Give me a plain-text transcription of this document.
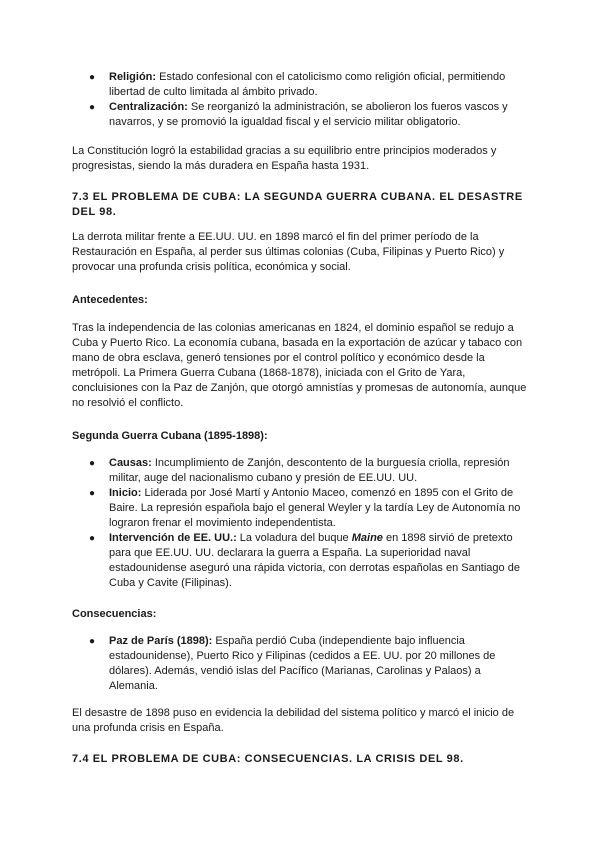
● Religión: Estado confesional con el catolicismo como religión oficial, permitiendo libertad de culto limitada al ámbito privado.
● Centralización: Se reorganizó la administración, se abolieron los fueros vascos y navarros, y se promovió la igualdad fiscal y el servicio militar obligatorio.

La Constitución logró la estabilidad gracias a su equilibrio entre principios moderados y progresistas, siendo la más duradera en España hasta 1931.

7.3 EL PROBLEMA DE CUBA: LA SEGUNDA GUERRA CUBANA. EL DESASTRE DEL 98.

La derrota militar frente a EE.UU. UU. en 1898 marcó el fin del primer período de la Restauración en España, al perder sus últimas colonias (Cuba, Filipinas y Puerto Rico) y provocar una profunda crisis política, económica y social.

Antecedentes:

Tras la independencia de las colonias americanas en 1824, el dominio español se redujo a Cuba y Puerto Rico. La economía cubana, basada en la exportación de azúcar y tabaco con mano de obra esclava, generó tensiones por el control político y económico desde la metrópoli. La Primera Guerra Cubana (1868-1878), iniciada con el Grito de Yara, concluisiones con la Paz de Zanjón, que otorgó amnistías y promesas de autonomía, aunque no resolvió el conflicto.

Segunda Guerra Cubana (1895-1898):
● Causas: Incumplimiento de Zanjón, descontento de la burguesía criolla, represión militar, auge del nacionalismo cubano y presión de EE.UU. UU.
● Inicio: Liderada por José Martí y Antonio Maceo, comenzó en 1895 con el Grito de Baire. La represión española bajo el general Weyler y la tardía Ley de Autonomía no lograron frenar el movimiento independentista.
● Intervención de EE. UU.: La voladura del buque Maine en 1898 sirvió de pretexto para que EE.UU. UU. declarara la guerra a España. La superioridad naval estadounidense aseguró una rápida victoria, con derrotas españolas en Santiago de Cuba y Cavite (Filipinas).
Consecuencias:
● Paz de París (1898): España perdió Cuba (independiente bajo influencia estadounidense), Puerto Rico y Filipinas (cedidos a EE. UU. por 20 millones de dólares). Además, vendió islas del Pacífico (Marianas, Carolinas y Palaos) a Alemania.

El desastre de 1898 puso en evidencia la debilidad del sistema político y marcó el inicio de una profunda crisis en España.

7.4 EL PROBLEMA DE CUBA: CONSECUENCIAS. LA CRISIS DEL 98.
